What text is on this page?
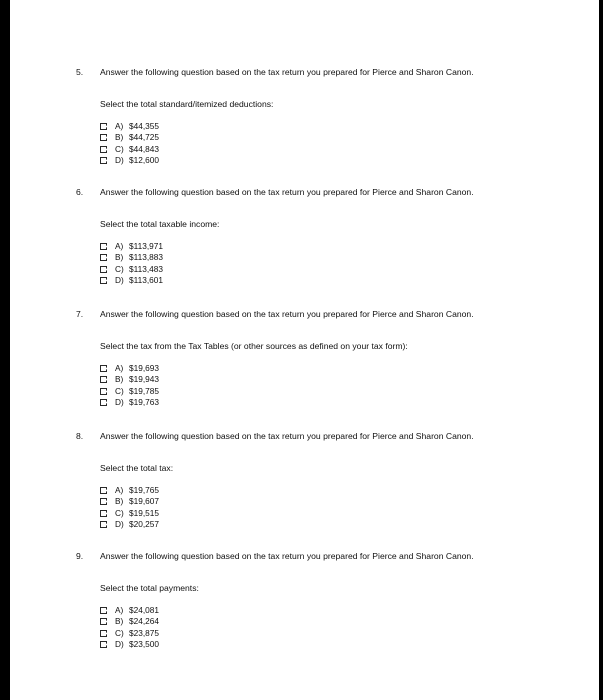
5. Answer the following question based on the tax return you prepared for Pierce and Sharon Canon.
Select the total standard/itemized deductions:
A) $44,355
B) $44,725
C) $44,843
D) $12,600
6. Answer the following question based on the tax return you prepared for Pierce and Sharon Canon.
Select the total taxable income:
A) $113,971
B) $113,883
C) $113,483
D) $113,601
7. Answer the following question based on the tax return you prepared for Pierce and Sharon Canon.
Select the tax from the Tax Tables (or other sources as defined on your tax form):
A) $19,693
B) $19,943
C) $19,785
D) $19,763
8. Answer the following question based on the tax return you prepared for Pierce and Sharon Canon.
Select the total tax:
A) $19,765
B) $19,607
C) $19,515
D) $20,257
9. Answer the following question based on the tax return you prepared for Pierce and Sharon Canon.
Select the total payments:
A) $24,081
B) $24,264
C) $23,875
D) $23,500
